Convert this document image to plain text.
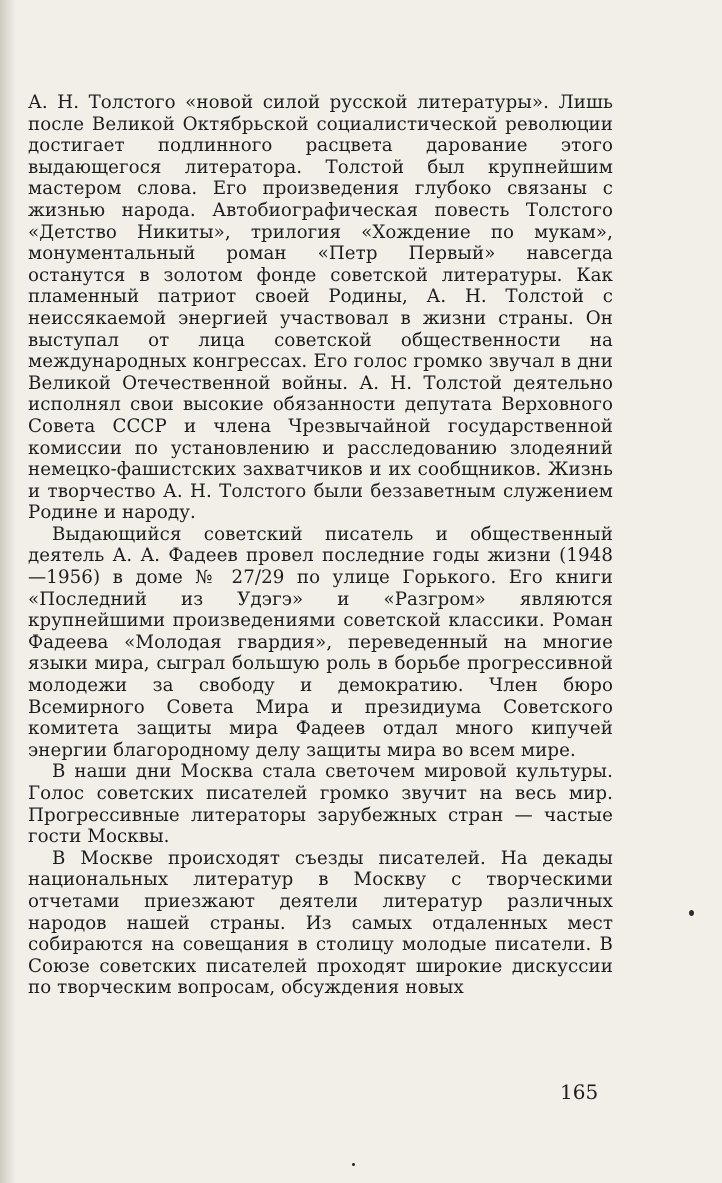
А. Н. Толстого «новой силой русской литературы». Лишь после Великой Октябрьской социалистической революции достигает подлинного расцвета дарование этого выдающегося литератора. Толстой был крупнейшим мастером слова. Его произведения глубоко связаны с жизнью народа. Автобиографическая повесть Толстого «Детство Никиты», трилогия «Хождение по мукам», монументальный роман «Петр Первый» навсегда останутся в золотом фонде советской литературы. Как пламенный патриот своей Родины, А. Н. Толстой с неиссякаемой энергией участвовал в жизни страны. Он выступал от лица советской общественности на международных конгрессах. Его голос громко звучал в дни Великой Отечественной войны. А. Н. Толстой деятельно исполнял свои высокие обязанности депутата Верховного Совета СССР и члена Чрезвычайной государственной комиссии по установлению и расследованию злодеяний немецко-фашистских захватчиков и их сообщников. Жизнь и творчество А. Н. Толстого были беззаветным служением Родине и народу.

Выдающийся советский писатель и общественный деятель А. А. Фадеев провел последние годы жизни (1948—1956) в доме № 27/29 по улице Горького. Его книги «Последний из Удэгэ» и «Разгром» являются крупнейшими произведениями советской классики. Роман Фадеева «Молодая гвардия», переведенный на многие языки мира, сыграл большую роль в борьбе прогрессивной молодежи за свободу и демократию. Член бюро Всемирного Совета Мира и президиума Советского комитета защиты мира Фадеев отдал много кипучей энергии благородному делу защиты мира во всем мире.

В наши дни Москва стала светочем мировой культуры. Голос советских писателей громко звучит на весь мир. Прогрессивные литераторы зарубежных стран — частые гости Москвы.

В Москве происходят съезды писателей. На декады национальных литератур в Москву с творческими отчетами приезжают деятели литератур различных народов нашей страны. Из самых отдаленных мест собираются на совещания в столицу молодые писатели. В Союзе советских писателей проходят широкие дискуссии по творческим вопросам, обсуждения новых

165
